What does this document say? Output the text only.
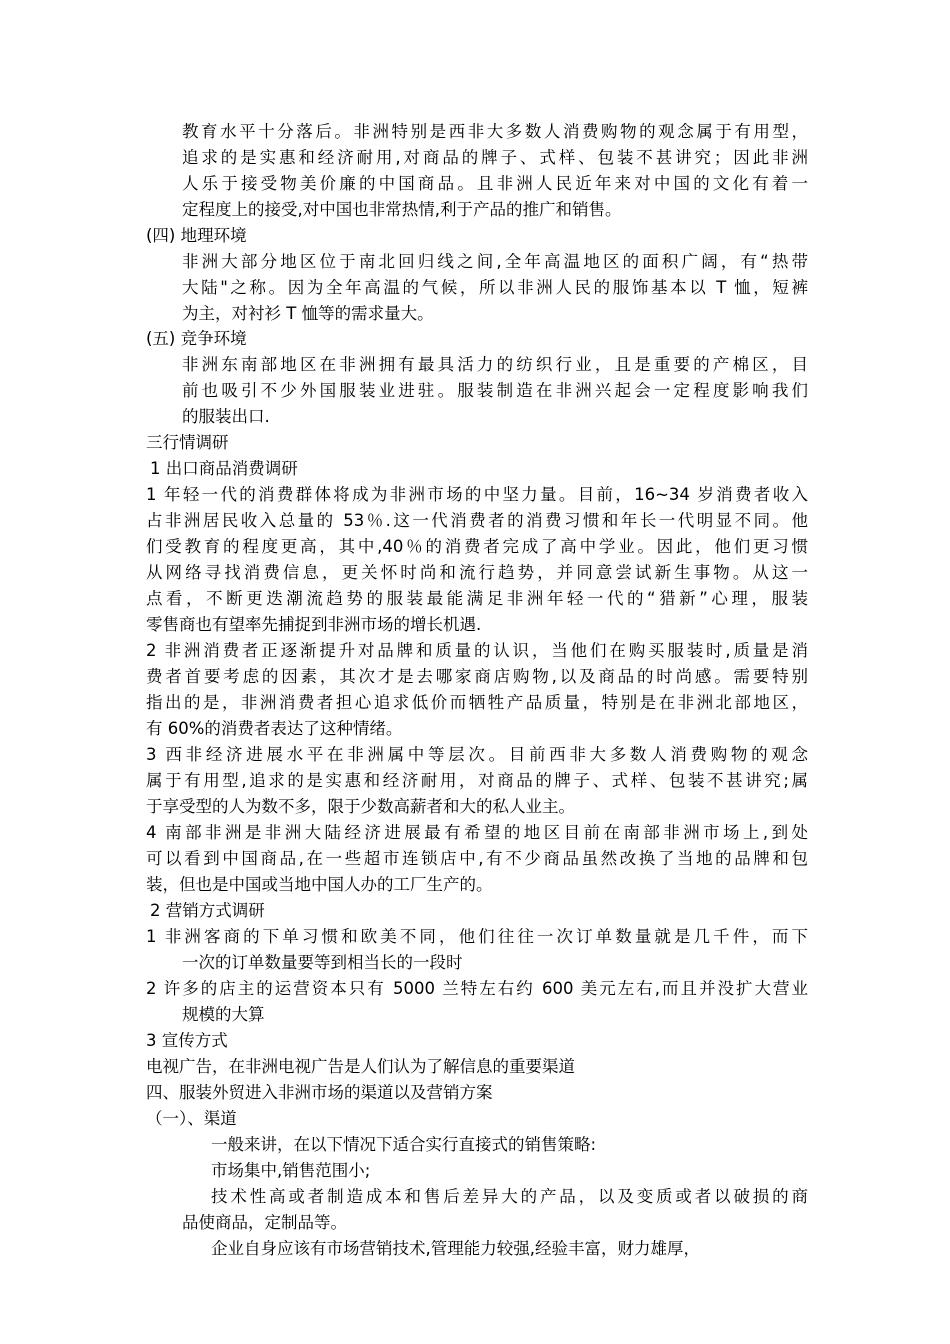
教育水平十分落后。非洲特别是西非大多数人消费购物的观念属于有用型，
追求的是实惠和经济耐用,对商品的牌子、式样、包装不甚讲究；因此非洲
人乐于接受物美价廉的中国商品。且非洲人民近年来对中国的文化有着一
定程度上的接受,对中国也非常热情,利于产品的推广和销售。
(四) 地理环境
非洲大部分地区位于南北回归线之间,全年高温地区的面积广阔，有“热带
大陆"之称。因为全年高温的气候，所以非洲人民的服饰基本以 T 恤，短裤
为主，对衬衫 T 恤等的需求量大。
(五) 竞争环境
非洲东南部地区在非洲拥有最具活力的纺织行业，且是重要的产棉区，目
前也吸引不少外国服装业进驻。服装制造在非洲兴起会一定程度影响我们
的服装出口.
三行情调研
1 出口商品消费调研
1 年轻一代的消费群体将成为非洲市场的中坚力量。目前，16~34 岁消费者收入
占非洲居民收入总量的 53％.这一代消费者的消费习惯和年长一代明显不同。他
们受教育的程度更高，其中,40％的消费者完成了高中学业。因此，他们更习惯
从网络寻找消费信息，更关怀时尚和流行趋势，并同意尝试新生事物。从这一
点看，不断更迭潮流趋势的服装最能满足非洲年轻一代的“猎新”心理，服装
零售商也有望率先捕捉到非洲市场的增长机遇.
2 非洲消费者正逐渐提升对品牌和质量的认识，当他们在购买服装时,质量是消
费者首要考虑的因素，其次才是去哪家商店购物,以及商品的时尚感。需要特别
指出的是，非洲消费者担心追求低价而牺牲产品质量，特别是在非洲北部地区，
有 60%的消费者表达了这种情绪。
3 西非经济进展水平在非洲属中等层次。目前西非大多数人消费购物的观念
属于有用型,追求的是实惠和经济耐用，对商品的牌子、式样、包装不甚讲究;属
于享受型的人为数不多，限于少数高薪者和大的私人业主。
4 南部非洲是非洲大陆经济进展最有希望的地区目前在南部非洲市场上,到处
可以看到中国商品,在一些超市连锁店中,有不少商品虽然改换了当地的品牌和包
装，但也是中国或当地中国人办的工厂生产的。
2 营销方式调研
1 非洲客商的下单习惯和欧美不同，他们往往一次订单数量就是几千件，而下
一次的订单数量要等到相当长的一段时
2 许多的店主的运营资本只有 5000 兰特左右约 600 美元左右,而且并没扩大营业
规模的大算
3 宣传方式
电视广告，在非洲电视广告是人们认为了解信息的重要渠道
四、服装外贸进入非洲市场的渠道以及营销方案
（一）、渠道
一般来讲，在以下情况下适合实行直接式的销售策略:
市场集中,销售范围小;
技术性高或者制造成本和售后差异大的产品，以及变质或者以破损的商
品使商品，定制品等。
企业自身应该有市场营销技术,管理能力较强,经验丰富，财力雄厚，
